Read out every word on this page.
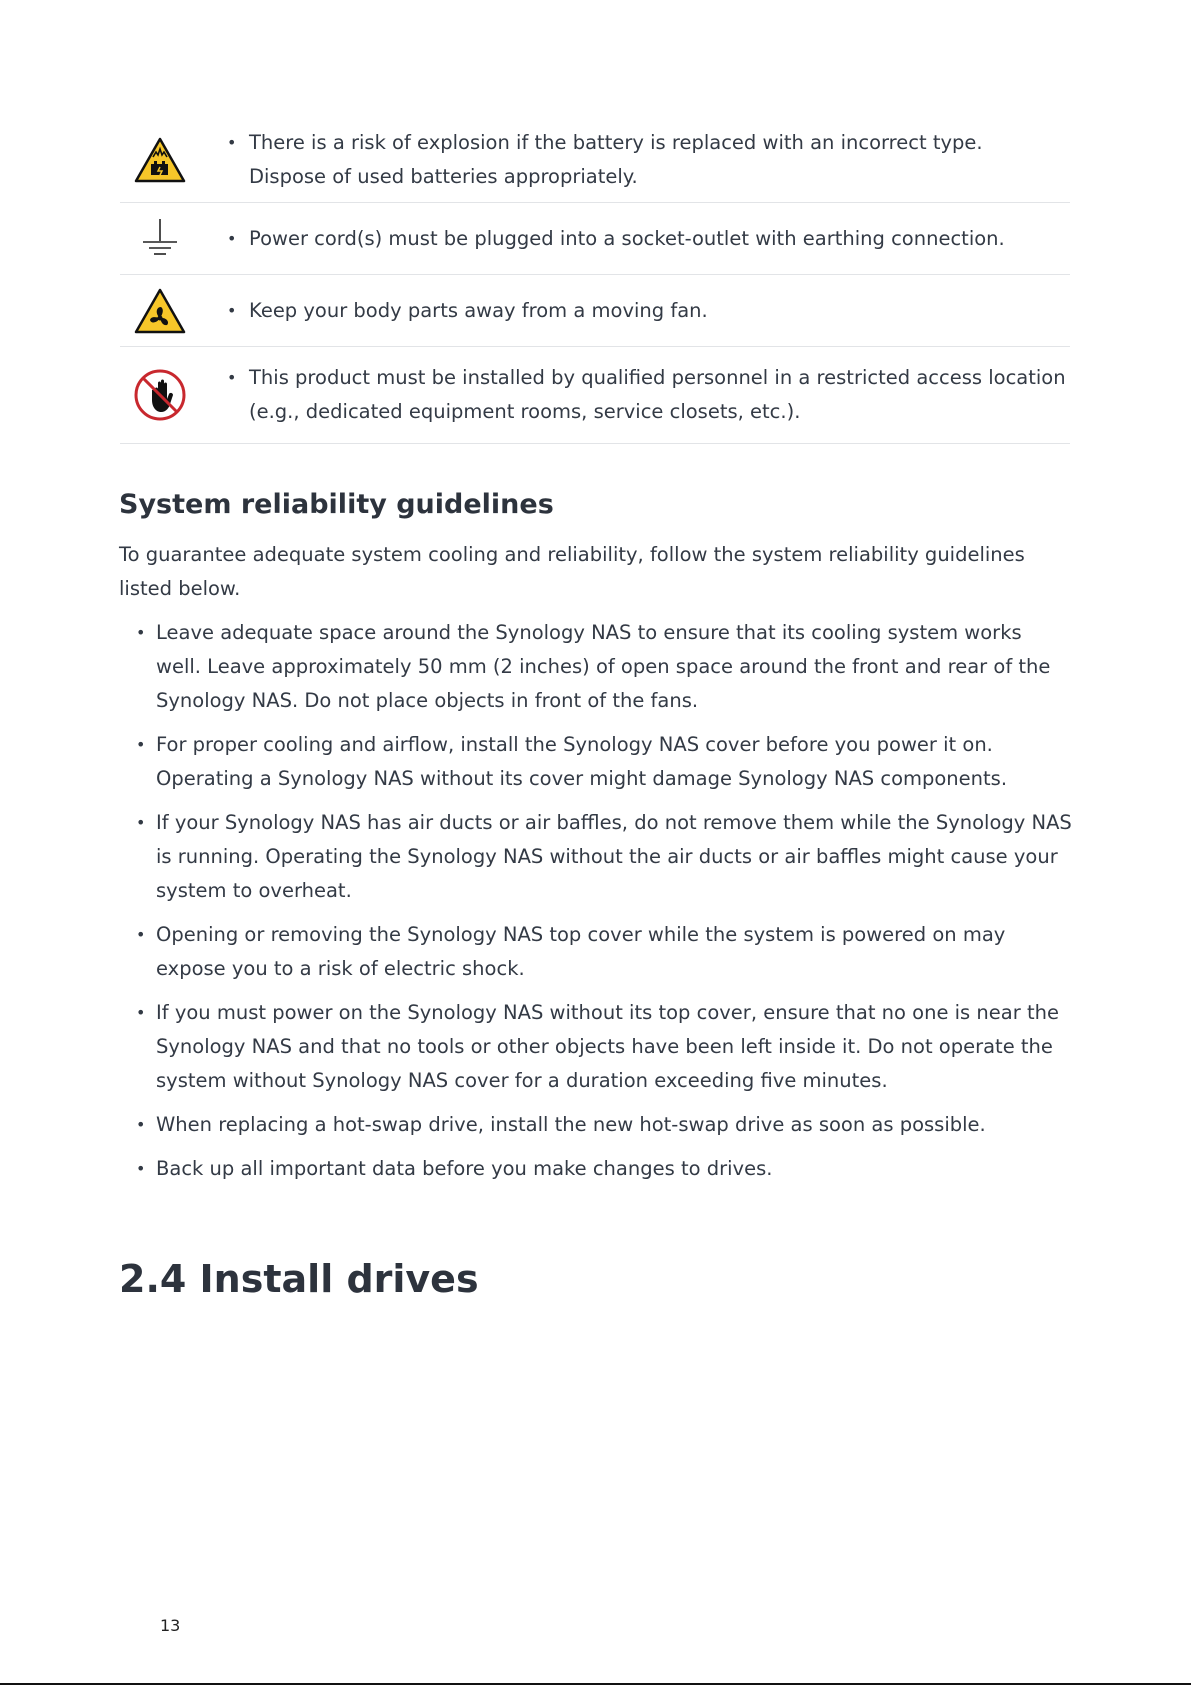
• There is a risk of explosion if the battery is replaced with an incorrect type.
Dispose of used batteries appropriately.
• Power cord(s) must be plugged into a socket-outlet with earthing connection.
• Keep your body parts away from a moving fan.
• This product must be installed by qualified personnel in a restricted access location
(e.g., dedicated equipment rooms, service closets, etc.).
System reliability guidelines

To guarantee adequate system cooling and reliability, follow the system reliability guidelines listed below.

• Leave adequate space around the Synology NAS to ensure that its cooling system works well. Leave approximately 50 mm (2 inches) of open space around the front and rear of the Synology NAS. Do not place objects in front of the fans.
• For proper cooling and airflow, install the Synology NAS cover before you power it on. Operating a Synology NAS without its cover might damage Synology NAS components.
• If your Synology NAS has air ducts or air baffles, do not remove them while the Synology NAS is running. Operating the Synology NAS without the air ducts or air baffles might cause your system to overheat.
• Opening or removing the Synology NAS top cover while the system is powered on may expose you to a risk of electric shock.
• If you must power on the Synology NAS without its top cover, ensure that no one is near the Synology NAS and that no tools or other objects have been left inside it. Do not operate the system without Synology NAS cover for a duration exceeding five minutes.
• When replacing a hot-swap drive, install the new hot-swap drive as soon as possible.
• Back up all important data before you make changes to drives.
2.4 Install drives
13
